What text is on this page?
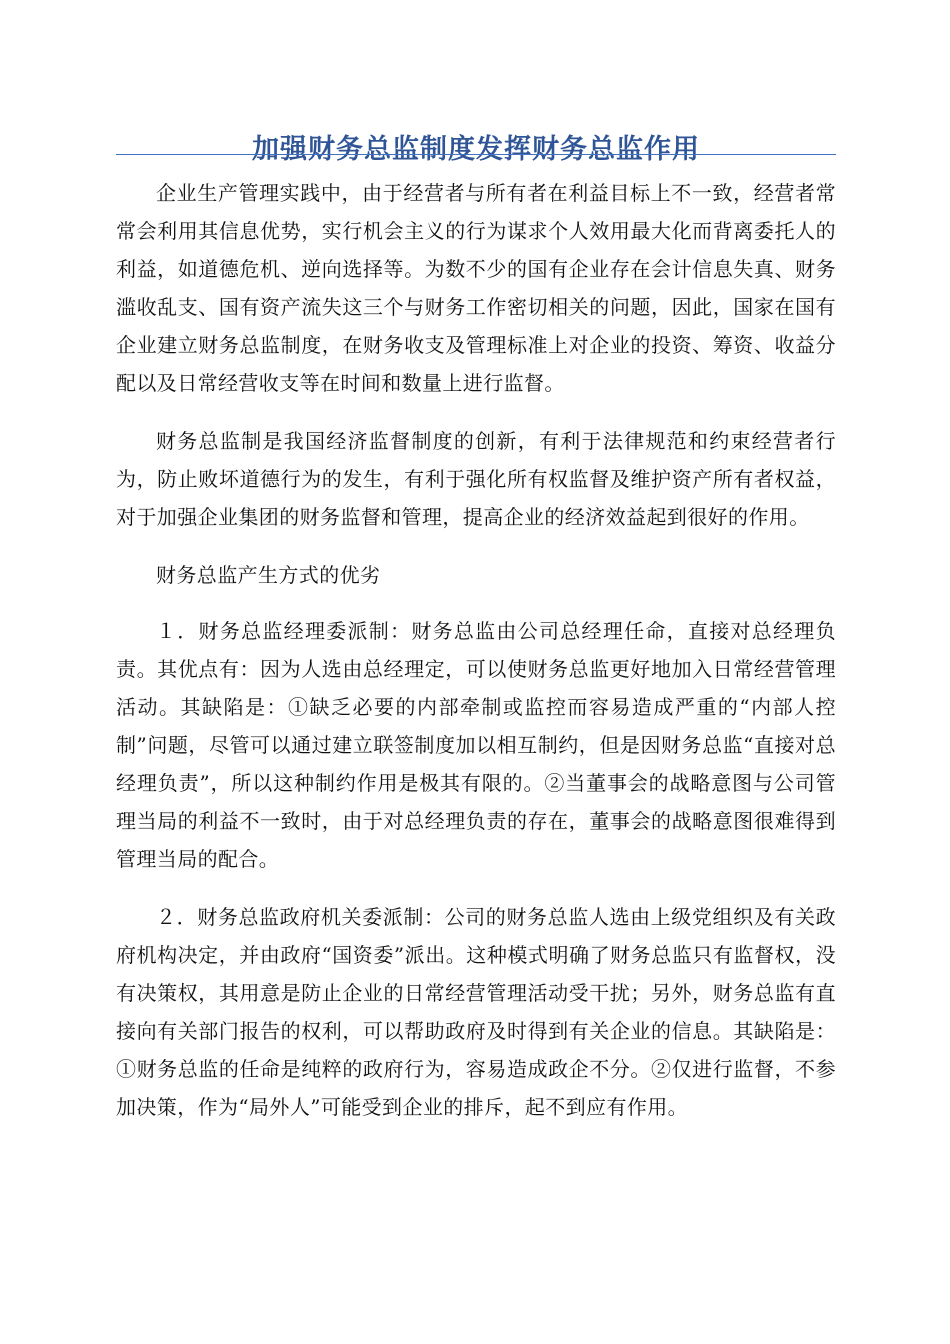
加强财务总监制度发挥财务总监作用

企业生产管理实践中，由于经营者与所有者在利益目标上不一致，经营者常常会利用其信息优势，实行机会主义的行为谋求个人效用最大化而背离委托人的利益，如道德危机、逆向选择等。为数不少的国有企业存在会计信息失真、财务滥收乱支、国有资产流失这三个与财务工作密切相关的问题，因此，国家在国有企业建立财务总监制度，在财务收支及管理标准上对企业的投资、筹资、收益分配以及日常经营收支等在时间和数量上进行监督。

财务总监制是我国经济监督制度的创新，有利于法律规范和约束经营者行为，防止败坏道德行为的发生，有利于强化所有权监督及维护资产所有者权益，对于加强企业集团的财务监督和管理，提高企业的经济效益起到很好的作用。

财务总监产生方式的优劣

１．财务总监经理委派制：财务总监由公司总经理任命，直接对总经理负责。其优点有：因为人选由总经理定，可以使财务总监更好地加入日常经营管理活动。其缺陷是：①缺乏必要的内部牵制或监控而容易造成严重的“内部人控制”问题，尽管可以通过建立联签制度加以相互制约，但是因财务总监“直接对总经理负责”，所以这种制约作用是极其有限的。②当董事会的战略意图与公司管理当局的利益不一致时，由于对总经理负责的存在，董事会的战略意图很难得到管理当局的配合。

２．财务总监政府机关委派制：公司的财务总监人选由上级党组织及有关政府机构决定，并由政府“国资委”派出。这种模式明确了财务总监只有监督权，没有决策权，其用意是防止企业的日常经营管理活动受干扰；另外，财务总监有直接向有关部门报告的权利，可以帮助政府及时得到有关企业的信息。其缺陷是：①财务总监的任命是纯粹的政府行为，容易造成政企不分。②仅进行监督，不参加决策，作为“局外人”可能受到企业的排斥，起不到应有作用。
